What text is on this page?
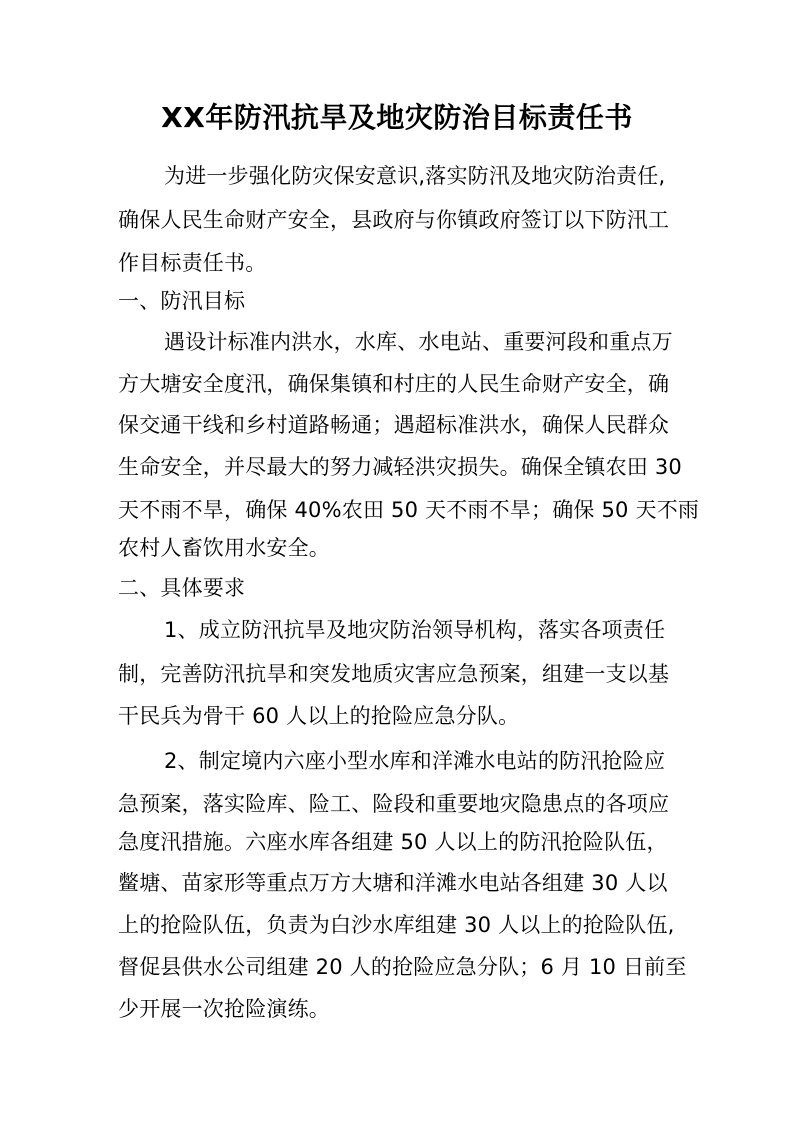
XX年防汛抗旱及地灾防治目标责任书
为进一步强化防灾保安意识,落实防汛及地灾防治责任,
确保人民生命财产安全，县政府与你镇政府签订以下防汛工
作目标责任书。
一、防汛目标
遇设计标准内洪水，水库、水电站、重要河段和重点万
方大塘安全度汛，确保集镇和村庄的人民生命财产安全，确
保交通干线和乡村道路畅通；遇超标准洪水，确保人民群众
生命安全，并尽最大的努力减轻洪灾损失。确保全镇农田 30
天不雨不旱，确保 40%农田 50 天不雨不旱；确保 50 天不雨
农村人畜饮用水安全。
二、具体要求
1、成立防汛抗旱及地灾防治领导机构，落实各项责任
制，完善防汛抗旱和突发地质灾害应急预案，组建一支以基
干民兵为骨干 60 人以上的抢险应急分队。
2、制定境内六座小型水库和洋滩水电站的防汛抢险应
急预案，落实险库、险工、险段和重要地灾隐患点的各项应
急度汛措施。六座水库各组建 50 人以上的防汛抢险队伍，
鳖塘、苗家形等重点万方大塘和洋滩水电站各组建 30 人以
上的抢险队伍，负责为白沙水库组建 30 人以上的抢险队伍,
督促县供水公司组建 20 人的抢险应急分队；6 月 10 日前至
少开展一次抢险演练。
